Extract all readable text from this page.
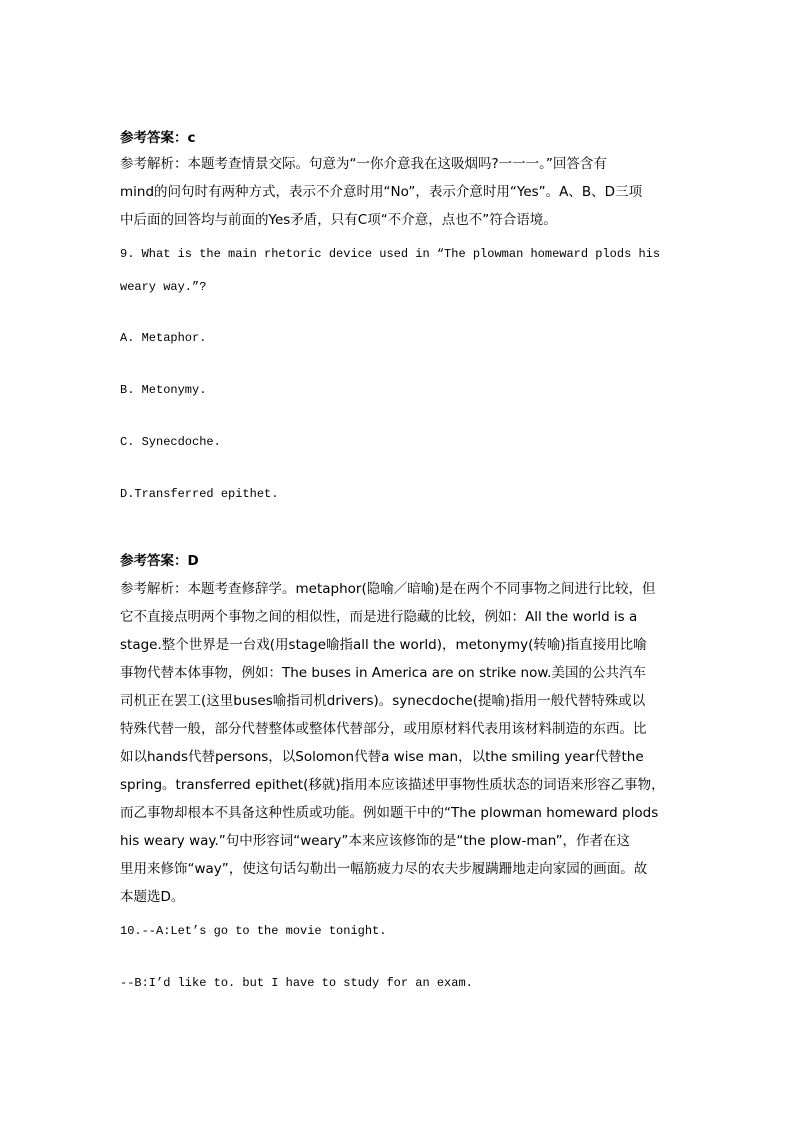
参考答案：c
参考解析：本题考查情景交际。句意为“一你介意我在这吸烟吗?一一一。”回答含有
mind的问句时有两种方式，表示不介意时用“No”，表示介意时用“Yes”。A、B、D三项
中后面的回答均与前面的Yes矛盾，只有C项“不介意，点也不”符合语境。
9. What is the main rhetoric device used in “The plowman homeward plods his
weary way.”?
A. Metaphor.
B. Metonymy.
C. Synecdoche.
D.Transferred epithet.
参考答案：D
参考解析：本题考查修辞学。metaphor(隐喻／暗喻)是在两个不同事物之间进行比较，但
它不直接点明两个事物之间的相似性，而是进行隐藏的比较，例如：All the world is a
stage.整个世界是一台戏(用stage喻指all the world)，metonymy(转喻)指直接用比喻
事物代替本体事物，例如：The buses in America are on strike now.美国的公共汽车
司机正在罢工(这里buses喻指司机drivers)。synecdoche(提喻)指用一般代替特殊或以
特殊代替一般，部分代替整体或整体代替部分，或用原材料代表用该材料制造的东西。比
如以hands代替persons，以Solomon代替a wise man，以the smiling year代替the
spring。transferred epithet(移就)指用本应该描述甲事物性质状态的词语来形容乙事物，
而乙事物却根本不具备这种性质或功能。例如题干中的“The plowman homeward plods
his weary way.”句中形容词“weary”本来应该修饰的是“the plow-man”，作者在这
里用来修饰“way”，使这句话勾勒出一幅筋疲力尽的农夫步履蹒跚地走向家园的画面。故
本题选D。
10.--A:Let’s go to the movie tonight.
--B:I’d like to. but I have to study for an exam.
